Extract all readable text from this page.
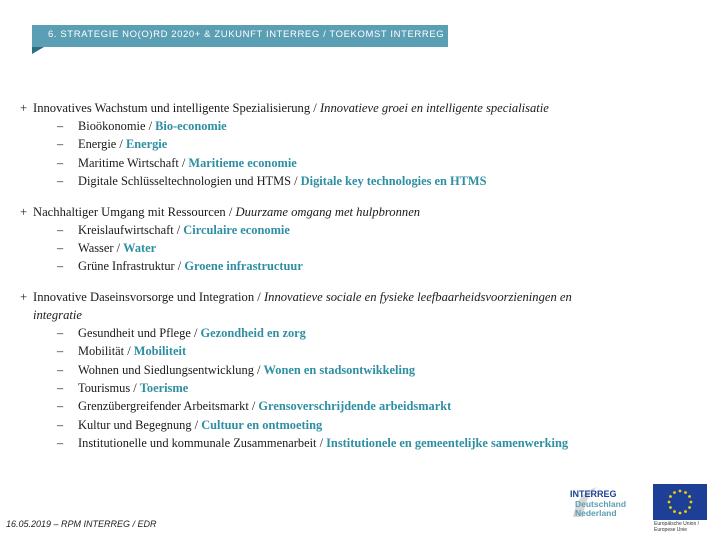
6. STRATEGIE NO(O)RD 2020+ & ZUKUNFT INTERREG / TOEKOMST INTERREG
+ Innovatives Wachstum und intelligente Spezialisierung / Innovatieve groei en intelligente specialisatie
–	Bioökonomie / Bio-economie
–	Energie / Energie
–	Maritime Wirtschaft / Maritieme economie
–	Digitale Schlüsseltechnologien und HTMS / Digitale key technologies en HTMS
+ Nachhaltiger Umgang mit Ressourcen / Duurzame omgang met hulpbronnen
–	Kreislaufwirtschaft / Circulaire economie
–	Wasser / Water
–	Grüne Infrastruktur / Groene infrastructuur
+ Innovative Daseinsvorsorge und Integration / Innovatieve sociale en fysieke leefbaarheidsvoorzieningen en
integratie
–	Gesundheit und Pflege / Gezondheid en zorg
–	Mobilität / Mobiliteit
–	Wohnen und Siedlungsentwicklung / Wonen en stadsontwikkeling
–	Tourismus / Toerisme
–	Grenzübergreifender Arbeitsmarkt / Grensoverschrijdende arbeidsmarkt
–	Kultur und Begegnung / Cultuur en ontmoeting
–	Institutionelle und kommunale Zusammenarbeit / Institutionele en gemeentelijke samenwerking
16.05.2019 – RPM INTERREG / EDR
INTERREG
Deutschland
Nederland
Europäische Union / Europese Unie
